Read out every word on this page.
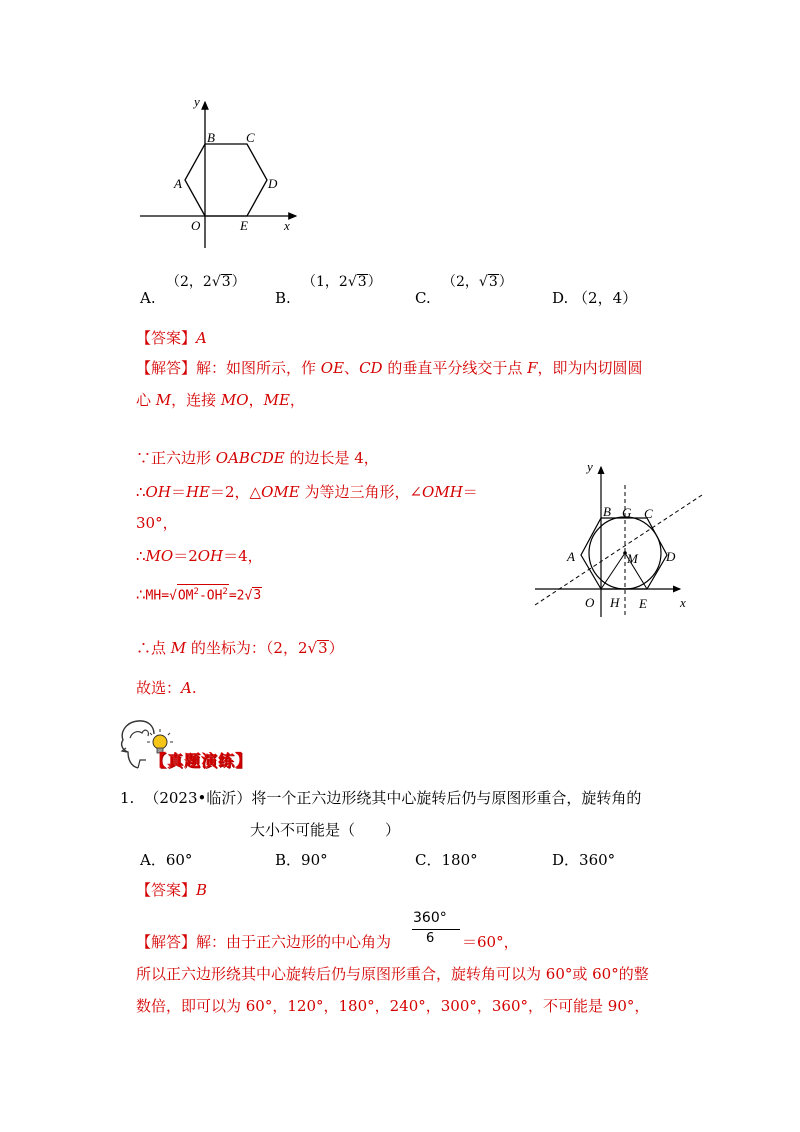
y
x
O
A
B C
D
E
A.
（2，2√3）
B.
（1，2√3）
C.
（2，√3）
D. （2，4）
【答案】A
【解答】解：如图所示，作 OE、CD 的垂直平分线交于点 F，即为内切圆圆
心 M，连接 MO，ME，
∵正六边形 OABCDE 的边长是 4，
∴OH＝HE＝2，△OME 为等边三角形，∠OMH＝
30°，
∴MO＝2OH＝4，
$\therefore MH=√OM^2-OH^2=2√3$
∴点 M 的坐标为：（2，2√3）
故选：A.
y
x
O
A
B G C
D
M
H E
【真题演练】
1. （2023•临沂）将一个正六边形绕其中心旋转后仍与原图形重合，旋转角的
大小不可能是（　　）
A．60°	B．90°	C．180°	D．360°
【答案】B
【解答】解：由于正六边形的中心角为
360°
6 ＝60°，
所以正六边形绕其中心旋转后仍与原图形重合，旋转角可以为 60°或 60°的整
数倍，即可以为 60°，120°，180°，240°，300°，360°，不可能是 90°，
